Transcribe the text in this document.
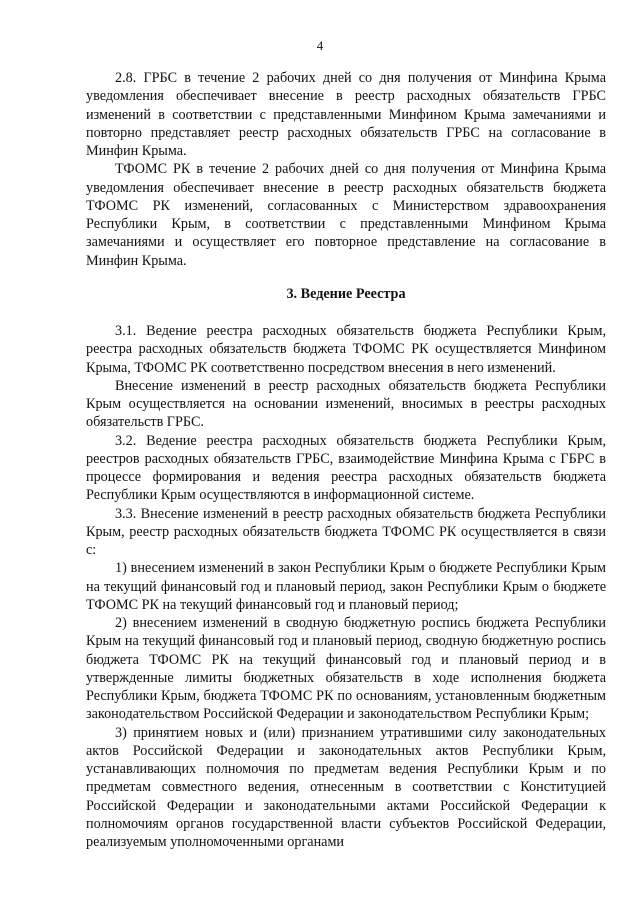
4

2.8. ГРБС в течение 2 рабочих дней со дня получения от Минфина Крыма уведомления обеспечивает внесение в реестр расходных обязательств ГРБС изменений в соответствии с представленными Минфином Крыма замечаниями и повторно представляет реестр расходных обязательств ГРБС на согласование в Минфин Крыма.

ТФОМС РК в течение 2 рабочих дней со дня получения от Минфина Крыма уведомления обеспечивает внесение в реестр расходных обязательств бюджета ТФОМС РК изменений, согласованных с Министерством здравоохранения Республики Крым, в соответствии с представленными Минфином Крыма замечаниями и осуществляет его повторное представление на согласование в Минфин Крыма.

3. Ведение Реестра

3.1. Ведение реестра расходных обязательств бюджета Республики Крым, реестра расходных обязательств бюджета ТФОМС РК осуществляется Минфином Крыма, ТФОМС РК соответственно посредством внесения в него изменений.

Внесение изменений в реестр расходных обязательств бюджета Республики Крым осуществляется на основании изменений, вносимых в реестры расходных обязательств ГРБС.

3.2. Ведение реестра расходных обязательств бюджета Республики Крым, реестров расходных обязательств ГРБС, взаимодействие Минфина Крыма с ГБРС в процессе формирования и ведения реестра расходных обязательств бюджета Республики Крым осуществляются в информационной системе.

3.3. Внесение изменений в реестр расходных обязательств бюджета Республики Крым, реестр расходных обязательств бюджета ТФОМС РК осуществляется в связи с:

1) внесением изменений в закон Республики Крым о бюджете Республики Крым на текущий финансовый год и плановый период, закон Республики Крым о бюджете ТФОМС РК на текущий финансовый год и плановый период;

2) внесением изменений в сводную бюджетную роспись бюджета Республики Крым на текущий финансовый год и плановый период, сводную бюджетную роспись бюджета ТФОМС РК на текущий финансовый год и плановый период и в утвержденные лимиты бюджетных обязательств в ходе исполнения бюджета Республики Крым, бюджета ТФОМС РК по основаниям, установленным бюджетным законодательством Российской Федерации и законодательством Республики Крым;

3) принятием новых и (или) признанием утратившими силу законодательных актов Российской Федерации и законодательных актов Республики Крым, устанавливающих полномочия по предметам ведения Республики Крым и по предметам совместного ведения, отнесенным в соответствии с Конституцией Российской Федерации и законодательными актами Российской Федерации к полномочиям органов государственной власти субъектов Российской Федерации, реализуемым уполномоченными органами
